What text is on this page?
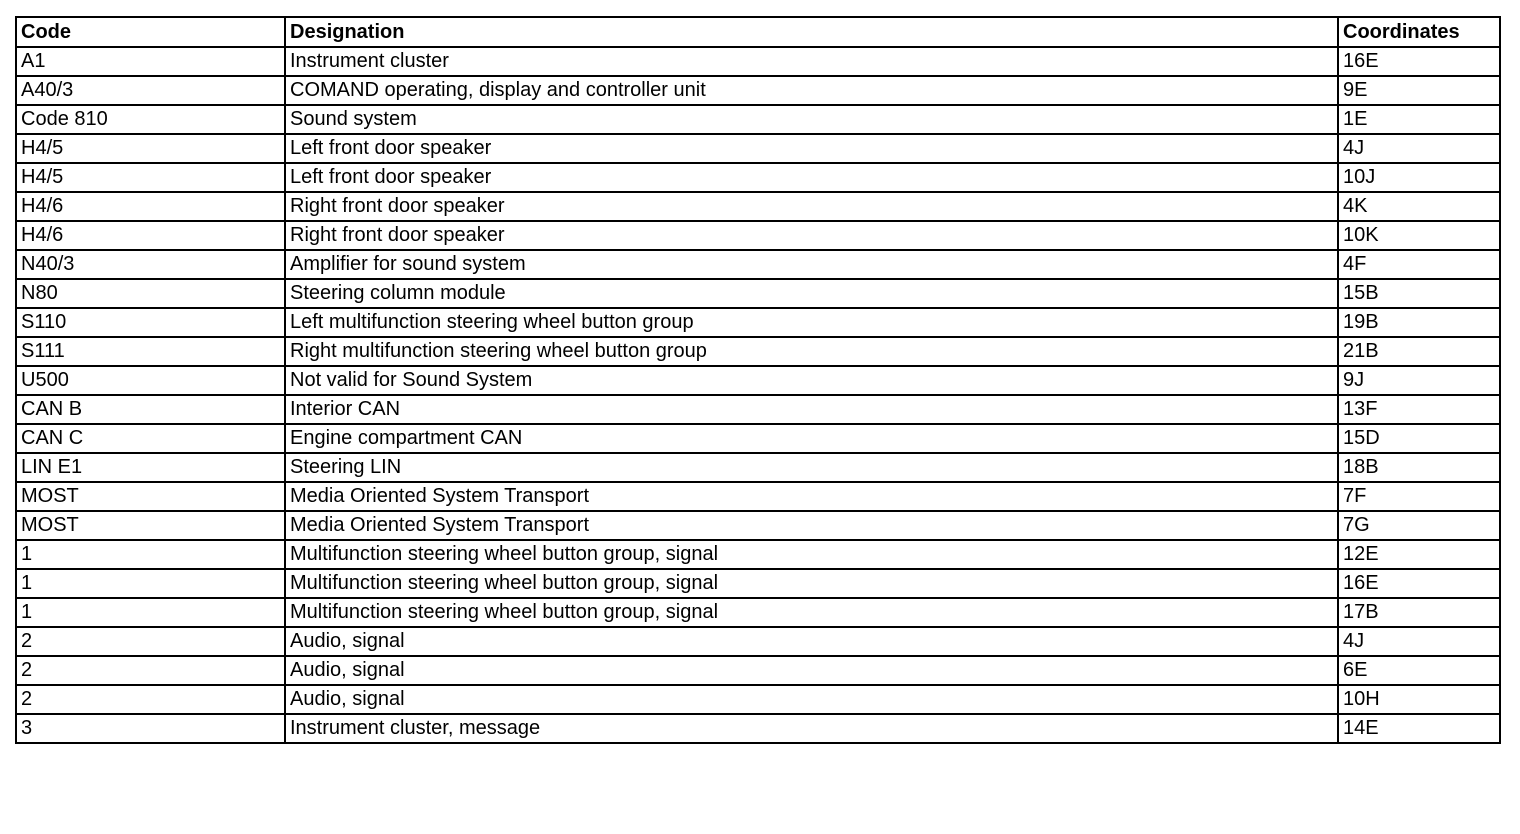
Code	Designation	Coordinates
A1	Instrument cluster	16E
A40/3	COMAND operating, display and controller unit	9E
Code 810	Sound system	1E
H4/5	Left front door speaker	4J
H4/5	Left front door speaker	10J
H4/6	Right front door speaker	4K
H4/6	Right front door speaker	10K
N40/3	Amplifier for sound system	4F
N80	Steering column module	15B
S110	Left multifunction steering wheel button group	19B
S111	Right multifunction steering wheel button group	21B
U500	Not valid for Sound System	9J
CAN B	Interior CAN	13F
CAN C	Engine compartment CAN	15D
LIN E1	Steering LIN	18B
MOST	Media Oriented System Transport	7F
MOST	Media Oriented System Transport	7G
1	Multifunction steering wheel button group, signal	12E
1	Multifunction steering wheel button group, signal	16E
1	Multifunction steering wheel button group, signal	17B
2	Audio, signal	4J
2	Audio, signal	6E
2	Audio, signal	10H
3	Instrument cluster, message	14E
